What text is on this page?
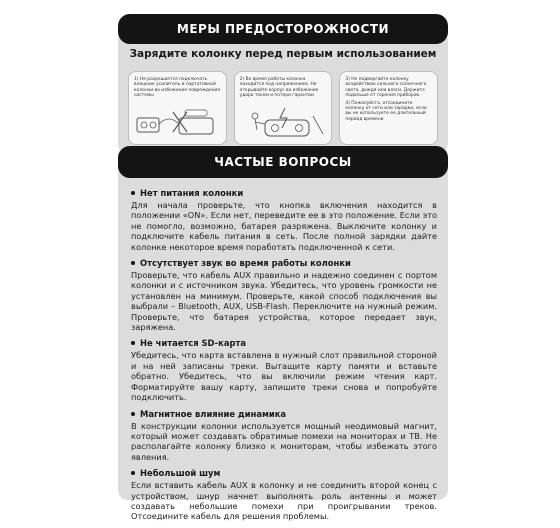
Зарядите колонку перед первым использованием

1) Не разрешается подключать внешние усилитель и портативной колонки во избежание повреждения системы

2) Во время работы колонка находится под напряжением. Не открывайте корпус во избежание удара током и потери гарантии

3) Не подвергайте колонку воздействию сильного солнечного света, дождя или влаги. Держите подальше от горения приборов.

4) Пожалуйста, отсоедините колонку от сети или зарядки, если вы не используете ее длительный период времени

МЕРЫ ПРЕДОСТОРОЖНОСТИ
ЧАСТЫЕ ВОПРОСЫ
Нет питания колонки

Для начала проверьте, что кнопка включения находится в положении «ON». Если нет, переведите ее в это положение. Если это не помогло, возможно, батарея разряжена. Выключите колонку и подключите кабель питания в сеть. После полной зарядки дайте колонке некоторое время поработать подключенной к сети.

Отсутствует звук во время работы колонки

Проверьте, что кабель AUX правильно и надежно соединен с портом колонки и с источником звука. Убедитесь, что уровень громкости не установлен на минимум. Проверьте, какой способ подключения вы выбрали – Bluetooth, AUX, USB-Flash. Переключите на нужный режим. Проверьте, что батарея устройства, которое передает звук, заряжена.

Не читается SD-карта

Убедитесь, что карта вставлена в нужный слот правильной стороной и на ней записаны треки. Вытащите карту памяти и вставьте обратно. Убедитесь, что вы включили режим чтения карт. Форматируйте вашу карту, запишите треки снова и попробуйте подключить.

Магнитное влияние динамика

В конструкции колонки используется мощный неодимовый магнит, который может создавать обратимые помехи на мониторах и ТВ. Не располагайте колонку близко к мониторам, чтобы избежать этого явления.

Небольшой шум

Если вставить кабель AUX в колонку и не соединить второй конец с устройством, шнур начнет выполнять роль антенны и может создавать небольшие помехи при проигрывании треков. Отсоедините кабель для решения проблемы.
